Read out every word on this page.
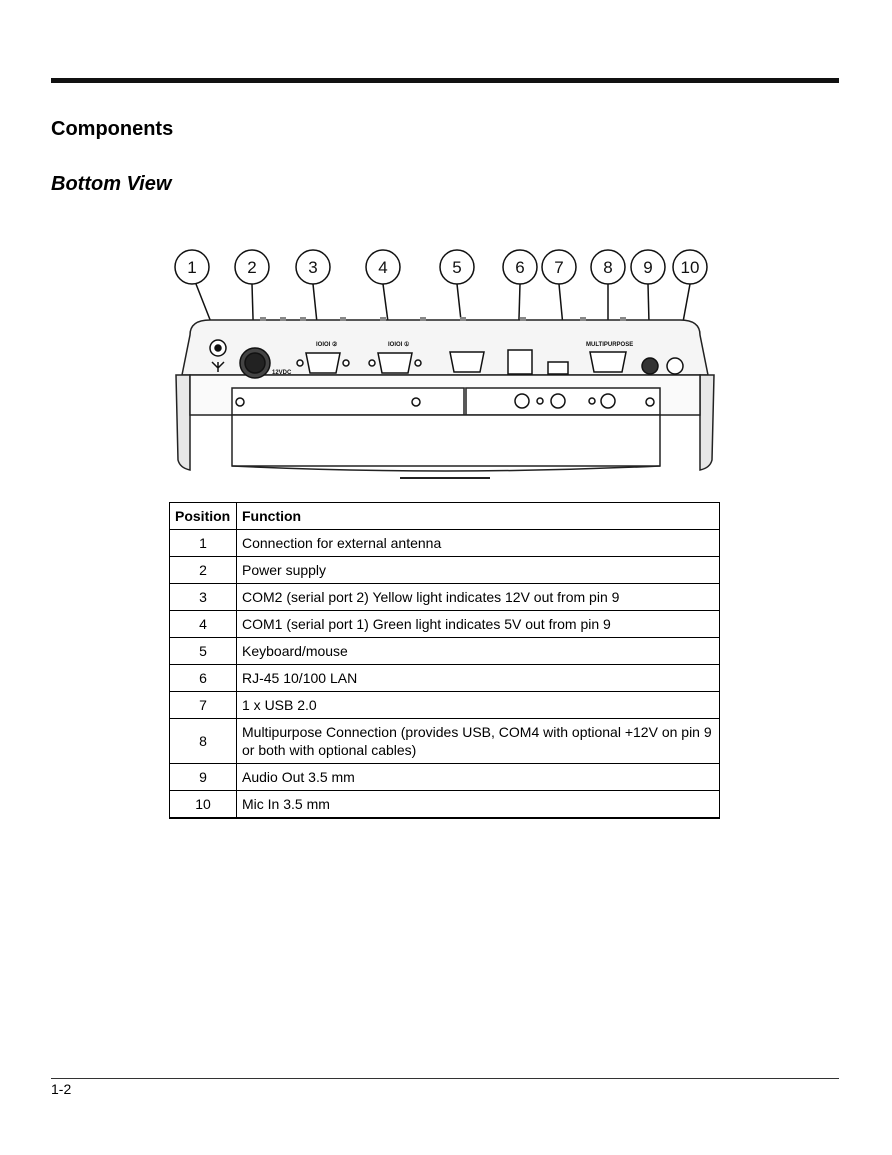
Components
Bottom View
1	2	3	4	5	6 7 8 9 10
12VDC
IOIOI ②	IOIOI ①	MULTIPURPOSE
Position	Function
1	Connection for external antenna
2	Power supply
3	COM2 (serial port 2) Yellow light indicates 12V out from pin 9
4	COM1 (serial port 1) Green light indicates 5V out from pin 9
5	Keyboard/mouse
6	RJ-45 10/100 LAN
7	1 x USB 2.0
8	Multipurpose Connection (provides USB, COM4 with optional +12V on pin 9
or both with optional cables)
9	Audio Out 3.5 mm
10	Mic In 3.5 mm
1-2
